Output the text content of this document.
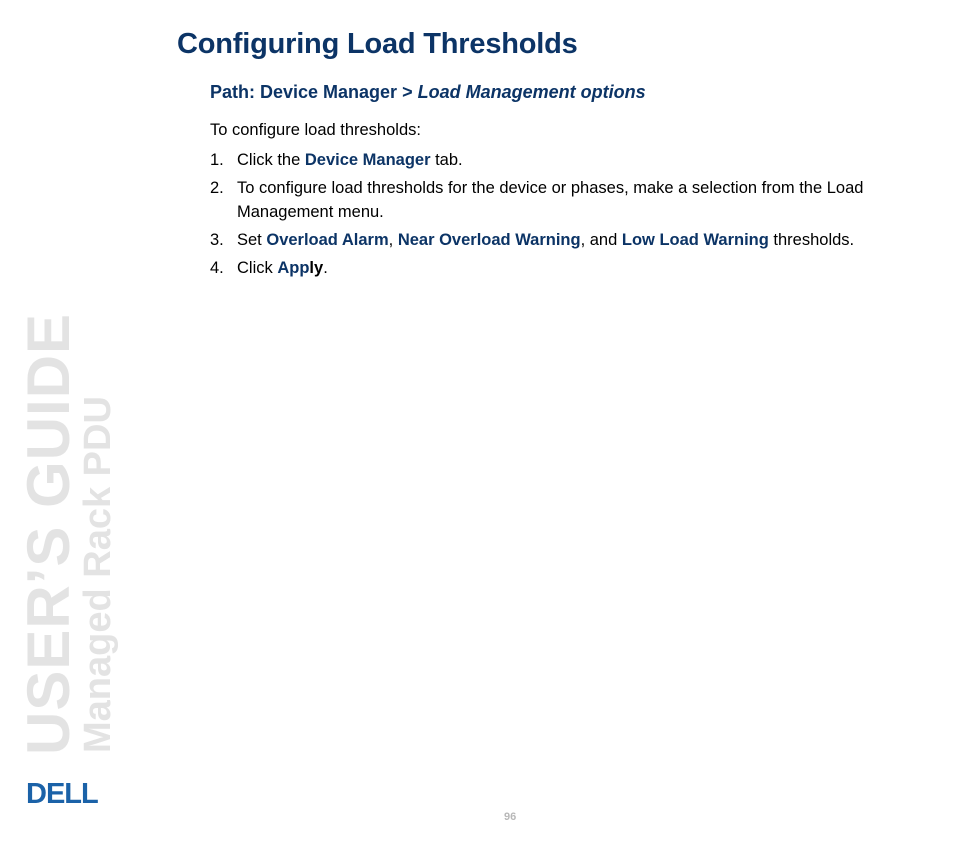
Configuring Load Thresholds
Path: Device Manager > Load Management options
To configure load thresholds:
1. Click the Device Manager tab.
2. To configure load thresholds for the device or phases, make a selection from the Load Management menu.
3. Set Overload Alarm, Near Overload Warning, and Low Load Warning thresholds.
4. Click Apply.
USER’S GUIDE
Managed Rack PDU
DELL
96
